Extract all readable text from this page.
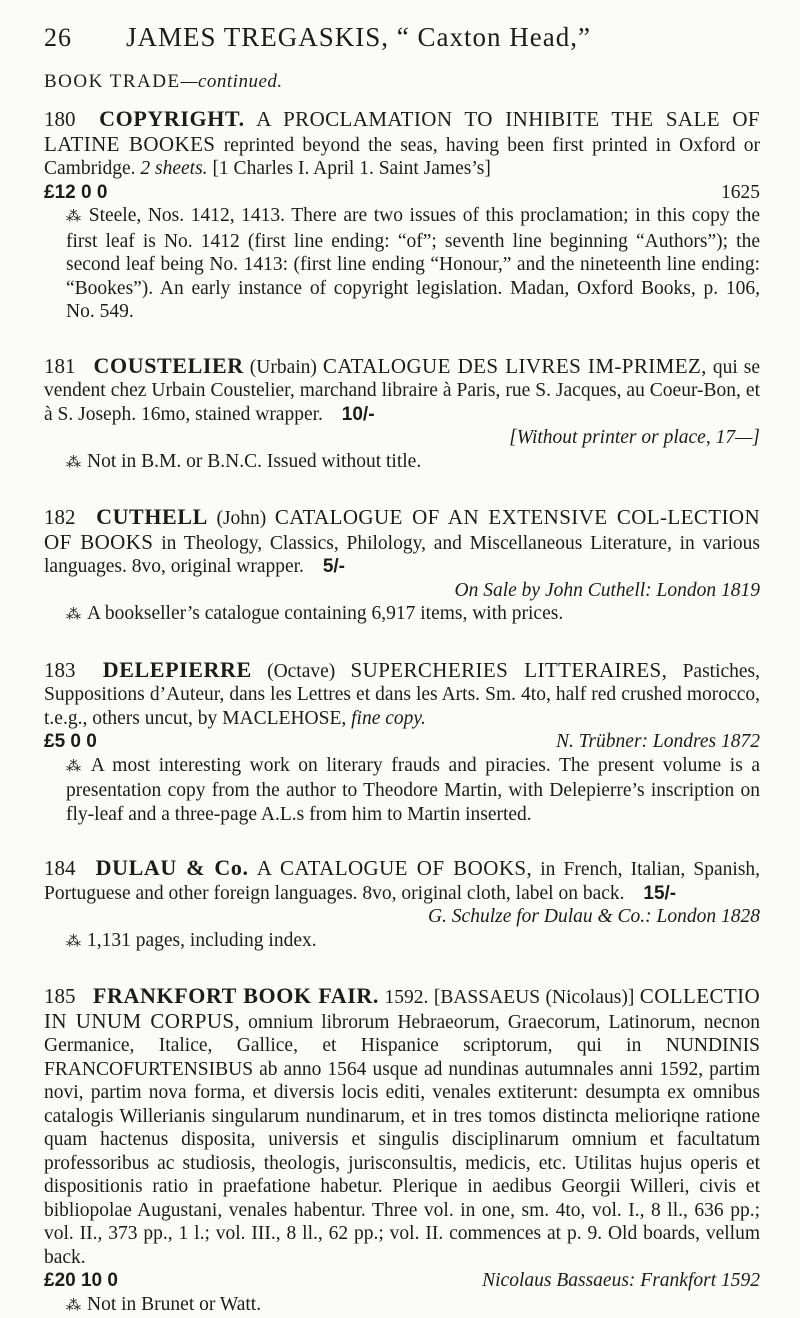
26 JAMES TREGASKIS, “ Caxton Head,”
BOOK TRADE—continued.

180 COPYRIGHT. A PROCLAMATION TO INHIBITE THE SALE OF LATINE BOOKES reprinted beyond the seas, having been first printed in Oxford or Cambridge. 2 sheets. [1 Charles I. April 1. Saint James’s]

£12 0 0	1625

⁂ Steele, Nos. 1412, 1413. There are two issues of this proclamation; in this copy the first leaf is No. 1412 (first line ending: “of”; seventh line beginning “Authors”); the second leaf being No. 1413: (first line ending “Honour,” and the nineteenth line ending: “Bookes”). An early instance of copyright legislation. Madan, Oxford Books, p. 106, No. 549.

181 COUSTELIER (Urbain) CATALOGUE DES LIVRES IM-PRIMEZ, qui se vendent chez Urbain Coustelier, marchand libraire à Paris, rue S. Jacques, au Coeur-Bon, et à S. Joseph. 16mo, stained wrapper. 10/-

[Without printer or place, 17—]

⁂ Not in B.M. or B.N.C. Issued without title.

182 CUTHELL (John) CATALOGUE OF AN EXTENSIVE COL-LECTION OF BOOKS in Theology, Classics, Philology, and Miscellaneous Literature, in various languages. 8vo, original wrapper. 5/-

On Sale by John Cuthell: London 1819

⁂ A bookseller’s catalogue containing 6,917 items, with prices.

183 DELEPIERRE (Octave) SUPERCHERIES LITTERAIRES, Pastiches, Suppositions d’Auteur, dans les Lettres et dans les Arts. Sm. 4to, half red crushed morocco, t.e.g., others uncut, by MACLEHOSE, fine copy.

£5 0 0	N. Trübner: Londres 1872

⁂ A most interesting work on literary frauds and piracies. The present volume is a presentation copy from the author to Theodore Martin, with Delepierre’s inscription on fly-leaf and a three-page A.L.s from him to Martin inserted.

184 DULAU & Co. A CATALOGUE OF BOOKS, in French, Italian, Spanish, Portuguese and other foreign languages. 8vo, original cloth, label on back. 15/-

G. Schulze for Dulau & Co.: London 1828

⁂ 1,131 pages, including index.

185 FRANKFORT BOOK FAIR. 1592. [BASSAEUS (Nicolaus)] COLLECTIO IN UNUM CORPUS, omnium librorum Hebraeorum, Graecorum, Latinorum, necnon Germanice, Italice, Gallice, et Hispanice scriptorum, qui in NUNDINIS FRANCOFURTENSIBUS ab anno 1564 usque ad nundinas autumnales anni 1592, partim novi, partim nova forma, et diversis locis editi, venales extiterunt: desumpta ex omnibus catalogis Willerianis singularum nundinarum, et in tres tomos distincta melioriqne ratione quam hactenus disposita, universis et singulis disciplinarum omnium et facultatum professoribus ac studiosis, theologis, jurisconsultis, medicis, etc. Utilitas hujus operis et dispositionis ratio in praefatione habetur. Plerique in aedibus Georgii Willeri, civis et bibliopolae Augustani, venales habentur. Three vol. in one, sm. 4to, vol. I., 8 ll., 636 pp.; vol. II., 373 pp., 1 l.; vol. III., 8 ll., 62 pp.; vol. II. commences at p. 9. Old boards, vellum back.

£20 10 0	Nicolaus Bassaeus: Frankfort 1592

⁂ Not in Brunet or Watt.
